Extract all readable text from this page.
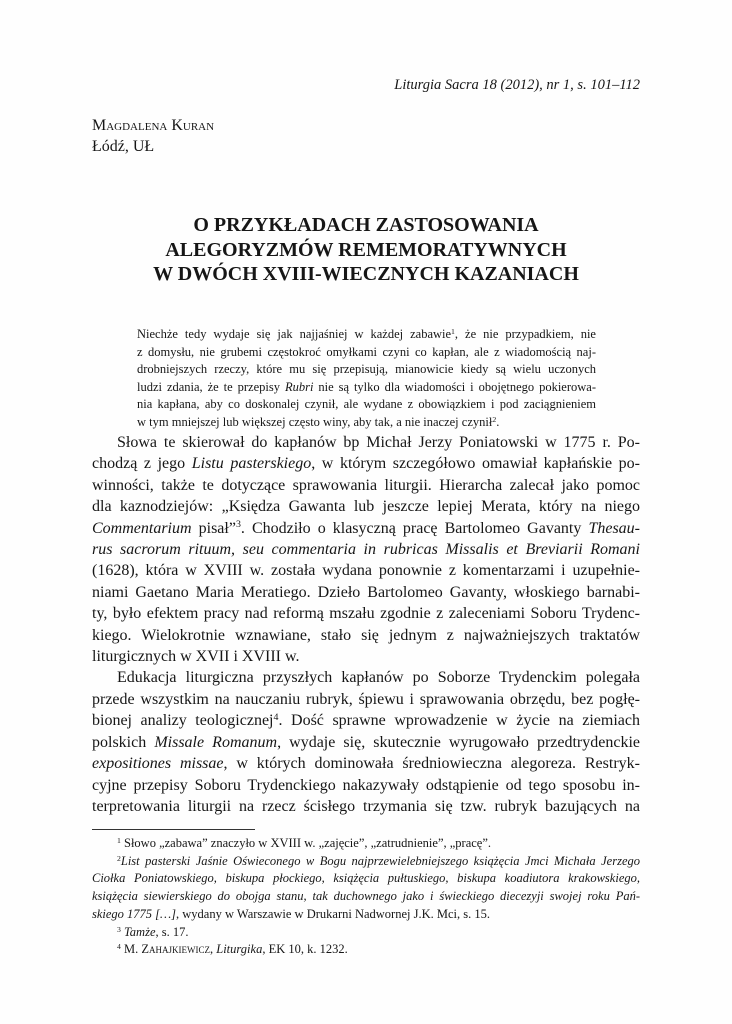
Liturgia Sacra 18 (2012), nr 1, s. 101–112
Magdalena Kuran
Łódź, UŁ
O PRZYKŁADACH ZASTOSOWANIA
ALEGORYZMÓW REMEMORATYWNYCH
W DWÓCH XVIII-WIECZNYCH KAZANIACH
Niechże tedy wydaje się jak najjaśniej w każdej zabawie$^1$, że nie przypadkiem, nie
z domysłu, nie grubemi częstokroć omyłkami czyni co kapłan, ale z wiadomością naj-
drobniejszych rzeczy, które mu się przepisują, mianowicie kiedy są wielu uczonych
ludzi zdania, że te przepisy Rubri nie są tylko dla wiadomości i obojętnego pokierowa-
nia kapłana, aby co doskonalej czynił, ale wydane z obowiązkiem i pod zaciągnieniem
w tym mniejszej lub większej często winy, aby tak, a nie inaczej czynił$^2$.
Słowa te skierował do kapłanów bp Michał Jerzy Poniatowski w 1775 r. Po-
chodzą z jego Listu pasterskiego, w którym szczegółowo omawiał kapłańskie po-
winności, także te dotyczące sprawowania liturgii. Hierarcha zalecał jako pomoc
dla kaznodziejów: „Księdza Gawanta lub jeszcze lepiej Merata, który na niego
Commentarium pisał”$^3$. Chodziło o klasyczną pracę Bartolomeo Gavanty Thesau-
rus sacrorum rituum, seu commentaria in rubricas Missalis et Breviarii Romani
(1628), która w XVIII w. została wydana ponownie z komentarzami i uzupełnie-
niami Gaetano Maria Meratiego. Dzieło Bartolomeo Gavanty, włoskiego barnabi-
ty, było efektem pracy nad reformą mszału zgodnie z zaleceniami Soboru Trydenc-
kiego. Wielokrotnie wznawiane, stało się jednym z najważniejszych traktatów
liturgicznych w XVII i XVIII w.
Edukacja liturgiczna przyszłych kapłanów po Soborze Trydenckim polegała
przede wszystkim na nauczaniu rubryk, śpiewu i sprawowania obrzędu, bez pogłę-
bionej analizy teologicznej$^4$. Dość sprawne wprowadzenie w życie na ziemiach
polskich Missale Romanum, wydaje się, skutecznie wyrugowało przedtrydenckie
expositiones missae, w których dominowała średniowieczna alegoreza. Restryk-
cyjne przepisy Soboru Trydenckiego nakazywały odstąpienie od tego sposobu in-
terpretowania liturgii na rzecz ścisłego trzymania się tzw. rubryk bazujących na
$^1$ Słowo „zabawa” znaczyło w XVIII w. „zajęcie”, „zatrudnienie”, „pracę”.
$^2$List pasterski Jaśnie Oświeconego w Bogu najprzewielebniejszego książęcia Jmci Michała Jerzego
Ciołka Poniatowskiego, biskupa płockiego, książęcia pułtuskiego, biskupa koadiutora krakowskiego,
książęcia siewierskiego do obojga stanu, tak duchownego jako i świeckiego diecezyji swojej roku Pań-
skiego 1775 […], wydany w Warszawie w Drukarni Nadwornej J.K. Mci, s. 15.
$^3$ Tamże, s. 17.
$^4$ M. Zahajkiewicz, Liturgika, EK 10, k. 1232.
